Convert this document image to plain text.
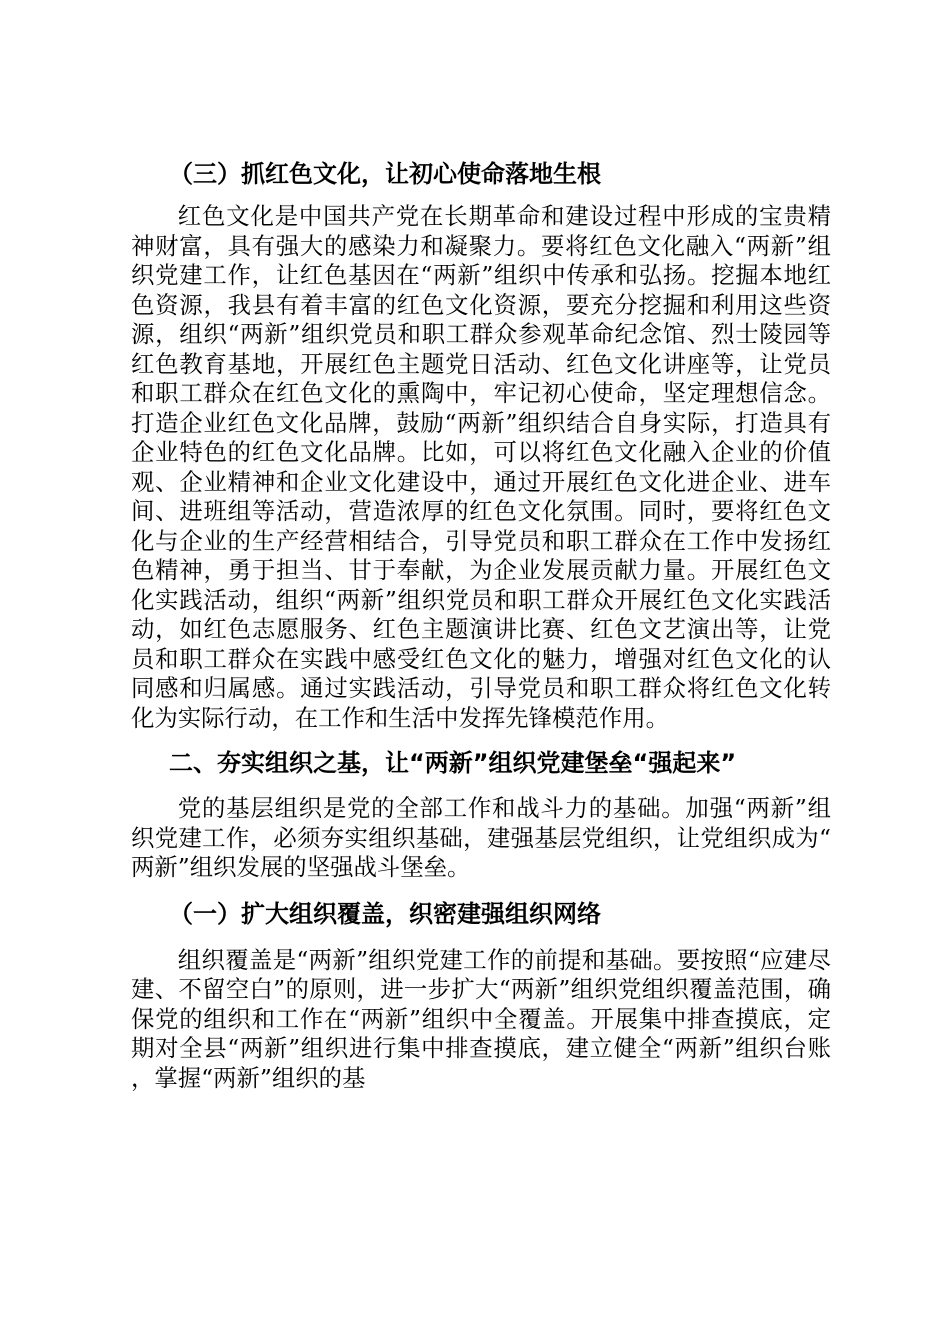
（三）抓红色文化，让初心使命落地生根

红色文化是中国共产党在长期革命和建设过程中形成的宝贵精神财富，具有强大的感染力和凝聚力。要将红色文化融入“两新”组织党建工作，让红色基因在“两新”组织中传承和弘扬。挖掘本地红色资源，我县有着丰富的红色文化资源，要充分挖掘和利用这些资源，组织“两新”组织党员和职工群众参观革命纪念馆、烈士陵园等红色教育基地，开展红色主题党日活动、红色文化讲座等，让党员和职工群众在红色文化的熏陶中，牢记初心使命，坚定理想信念。打造企业红色文化品牌，鼓励“两新”组织结合自身实际，打造具有企业特色的红色文化品牌。比如，可以将红色文化融入企业的价值观、企业精神和企业文化建设中，通过开展红色文化进企业、进车间、进班组等活动，营造浓厚的红色文化氛围。同时，要将红色文化与企业的生产经营相结合，引导党员和职工群众在工作中发扬红色精神，勇于担当、甘于奉献，为企业发展贡献力量。开展红色文化实践活动，组织“两新”组织党员和职工群众开展红色文化实践活动，如红色志愿服务、红色主题演讲比赛、红色文艺演出等，让党员和职工群众在实践中感受红色文化的魅力，增强对红色文化的认同感和归属感。通过实践活动，引导党员和职工群众将红色文化转化为实际行动，在工作和生活中发挥先锋模范作用。

二、夯实组织之基，让“两新”组织党建堡垒“强起来”

党的基层组织是党的全部工作和战斗力的基础。加强“两新”组织党建工作，必须夯实组织基础，建强基层党组织，让党组织成为“两新”组织发展的坚强战斗堡垒。

（一）扩大组织覆盖，织密建强组织网络

组织覆盖是“两新”组织党建工作的前提和基础。要按照“应建尽建、不留空白”的原则，进一步扩大“两新”组织党组织覆盖范围，确保党的组织和工作在“两新”组织中全覆盖。开展集中排查摸底，定期对全县“两新”组织进行集中排查摸底，建立健全“两新”组织台账，掌握“两新”组织的基
